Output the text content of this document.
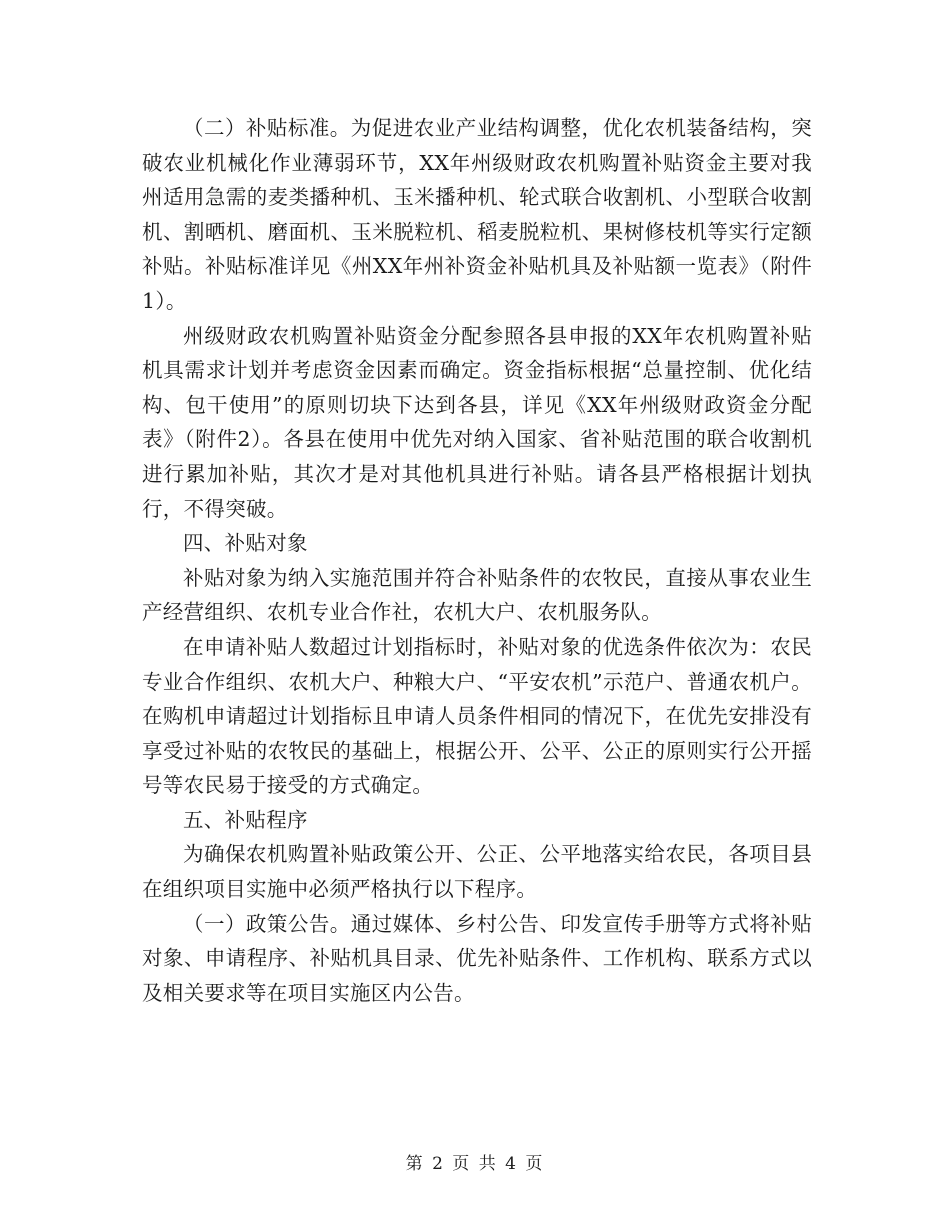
（二）补贴标准。为促进农业产业结构调整，优化农机装备结构，突破农业机械化作业薄弱环节，XX年州级财政农机购置补贴资金主要对我州适用急需的麦类播种机、玉米播种机、轮式联合收割机、小型联合收割机、割晒机、磨面机、玉米脱粒机、稻麦脱粒机、果树修枝机等实行定额补贴。补贴标准详见《州XX年州补资金补贴机具及补贴额一览表》（附件1）。

州级财政农机购置补贴资金分配参照各县申报的XX年农机购置补贴机具需求计划并考虑资金因素而确定。资金指标根据“总量控制、优化结构、包干使用”的原则切块下达到各县，详见《XX年州级财政资金分配表》（附件2）。各县在使用中优先对纳入国家、省补贴范围的联合收割机进行累加补贴，其次才是对其他机具进行补贴。请各县严格根据计划执行，不得突破。

四、补贴对象

补贴对象为纳入实施范围并符合补贴条件的农牧民，直接从事农业生产经营组织、农机专业合作社，农机大户、农机服务队。

在申请补贴人数超过计划指标时，补贴对象的优选条件依次为：农民专业合作组织、农机大户、种粮大户、“平安农机”示范户、普通农机户。在购机申请超过计划指标且申请人员条件相同的情况下，在优先安排没有享受过补贴的农牧民的基础上，根据公开、公平、公正的原则实行公开摇号等农民易于接受的方式确定。

五、补贴程序

为确保农机购置补贴政策公开、公正、公平地落实给农民，各项目县在组织项目实施中必须严格执行以下程序。

（一）政策公告。通过媒体、乡村公告、印发宣传手册等方式将补贴对象、申请程序、补贴机具目录、优先补贴条件、工作机构、联系方式以及相关要求等在项目实施区内公告。

第 2 页 共 4 页
